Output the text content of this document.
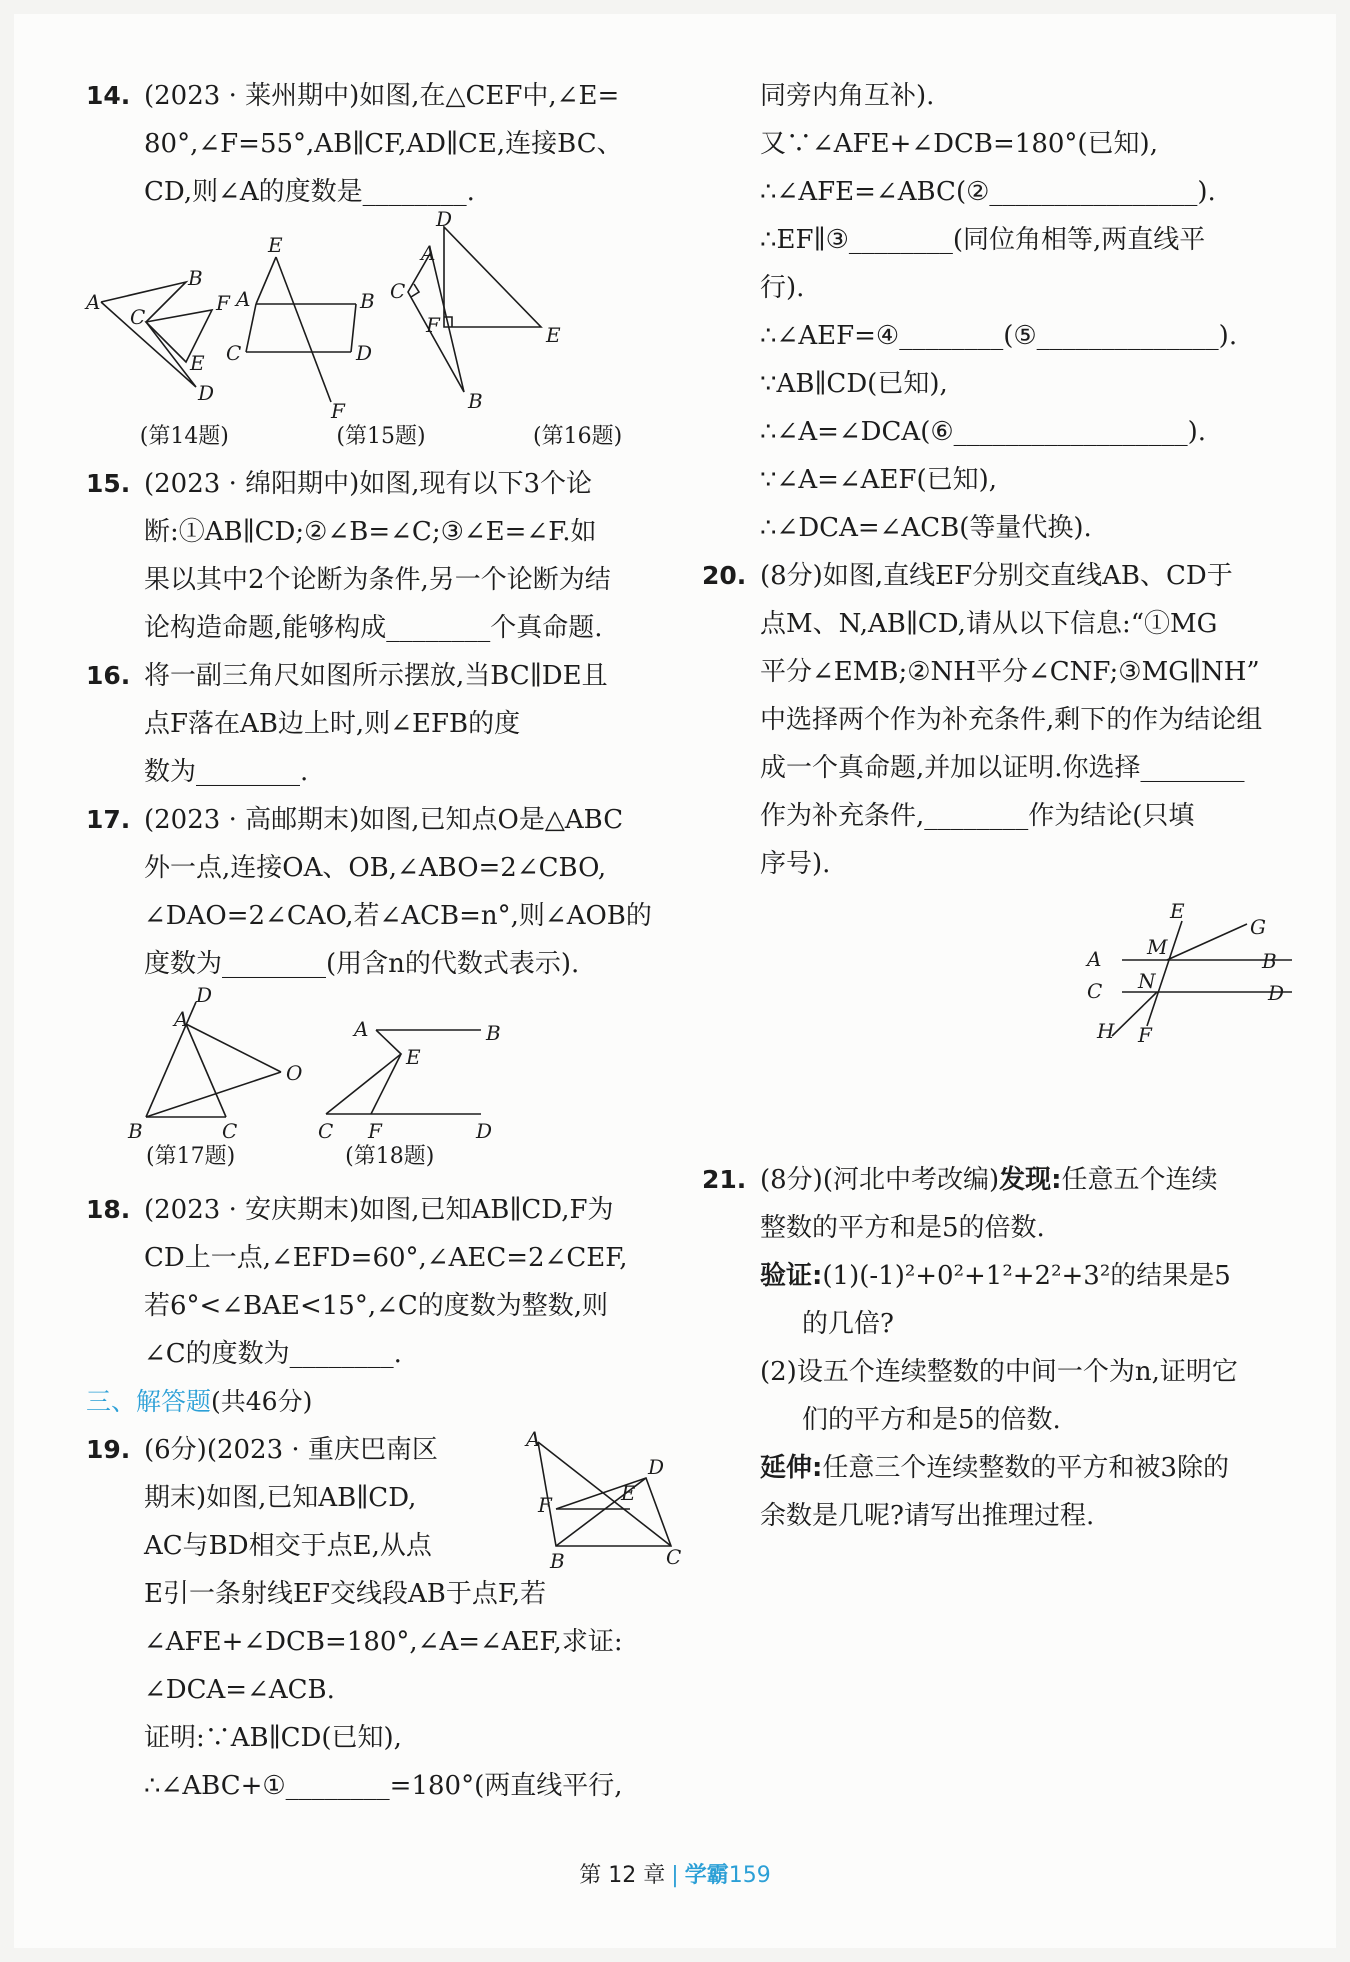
14. (2023 · 莱州期中)如图,在△CEF中,∠E=

80°,∠F=55°,AB∥CF,AD∥CE,连接BC、

CD,则∠A的度数是________.

A
B
C
F
E
D
E
A	B
C	D
F
D
A
C
F	E
B
(第14题)	(第15题)	(第16题)
15. (2023 · 绵阳期中)如图,现有以下3个论

断:①AB∥CD;②∠B=∠C;③∠E=∠F.如

果以其中2个论断为条件,另一个论断为结

论构造命题,能够构成________个真命题.

16. 将一副三角尺如图所示摆放,当BC∥DE且

点F落在AB边上时,则∠EFB的度

数为________.

17. (2023 · 高邮期末)如图,已知点O是△ABC

外一点,连接OA、OB,∠ABO=2∠CBO,

∠DAO=2∠CAO,若∠ACB=n°,则∠AOB的

度数为________(用含n的代数式表示).

D
A
O
B	C
A	B
E
C F	D
(第17题)	(第18题)
18. (2023 · 安庆期末)如图,已知AB∥CD,F为

CD上一点,∠EFD=60°,∠AEC=2∠CEF,

若6°<∠BAE<15°,∠C的度数为整数,则

∠C的度数为________.

三、解答题(共46分)

19.	A
D
E
F
B	C

(6分)(2023 · 重庆巴南区

期末)如图,已知AB∥CD,

AC与BD相交于点E,从点

E引一条射线EF交线段AB于点F,若

∠AFE+∠DCB=180°,∠A=∠AEF,求证:

∠DCA=∠ACB.

证明:∵AB∥CD(已知),

∴∠ABC+①________=180°(两直线平行,

同旁内角互补).

又∵∠AFE+∠DCB=180°(已知),

∴∠AFE=∠ABC(②________________).

∴EF∥③________(同位角相等,两直线平

行).

∴∠AEF=④________(⑤______________).

∵AB∥CD(已知),

∴∠A=∠DCA(⑥__________________).

∵∠A=∠AEF(已知),

∴∠DCA=∠ACB(等量代换).

20. (8分)如图,直线EF分别交直线AB、CD于

点M、N,AB∥CD,请从以下信息:“①MG

平分∠EMB;②NH平分∠CNF;③MG∥NH”

中选择两个作为补充条件,剩下的作为结论组

成一个真命题,并加以证明.你选择________

作为补充条件,________作为结论(只填

序号).

E
G
M
A	B
N
C	D
H F
21. (8分)(河北中考改编)发现:任意五个连续

整数的平方和是5的倍数.

验证:(1)(-1)²+0²+1²+2²+3²的结果是5

的几倍?

(2)设五个连续整数的中间一个为n,证明它

们的平方和是5的倍数.

延伸:任意三个连续整数的平方和被3除的

余数是几呢?请写出推理过程.

第 12 章 | 学霸159
